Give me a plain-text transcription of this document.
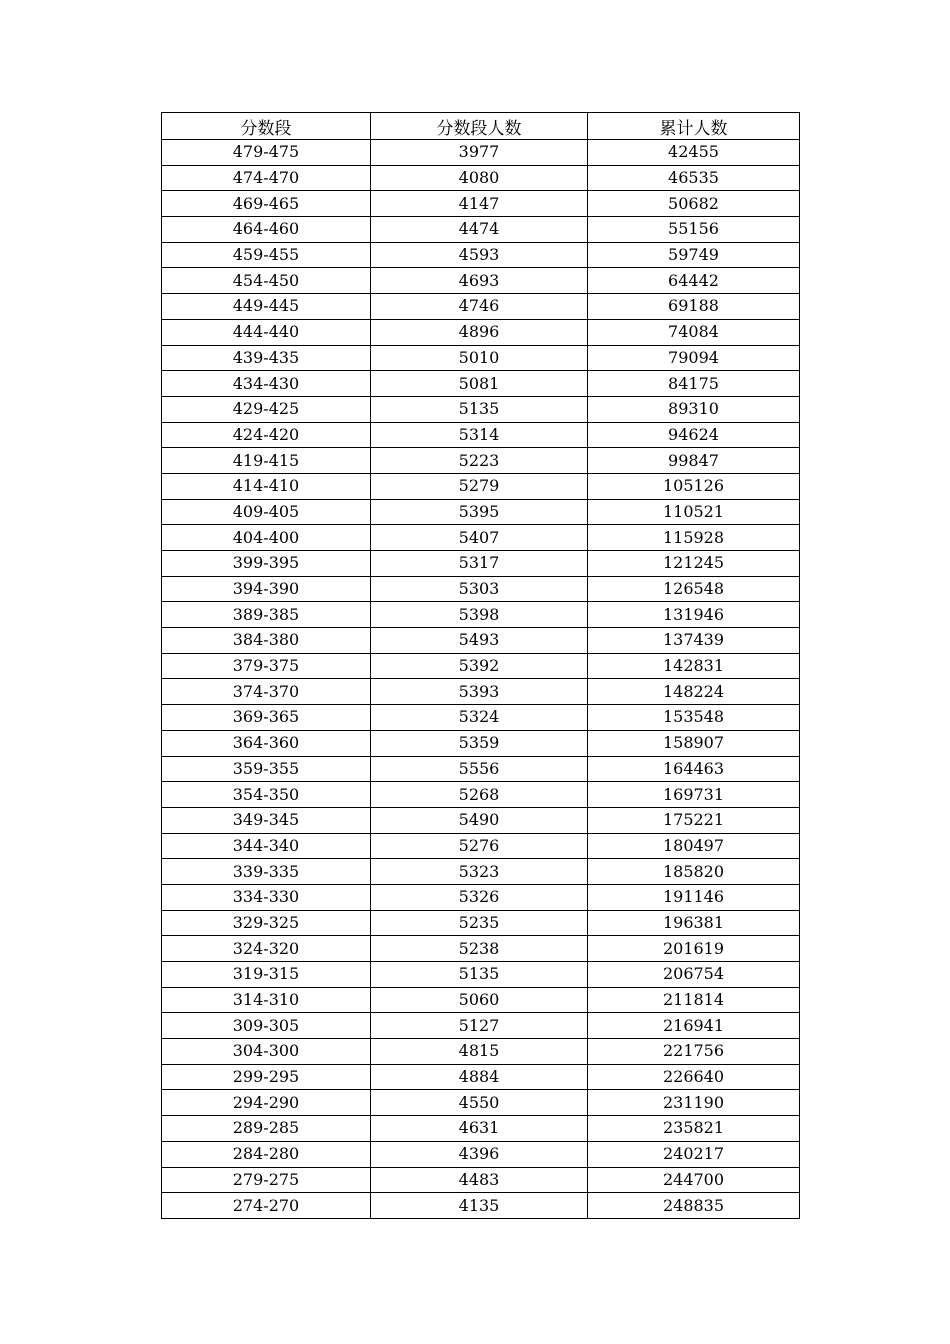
分数段	分数段人数	累计人数
479-475	3977	42455
474-470	4080	46535
469-465	4147	50682
464-460	4474	55156
459-455	4593	59749
454-450	4693	64442
449-445	4746	69188
444-440	4896	74084
439-435	5010	79094
434-430	5081	84175
429-425	5135	89310
424-420	5314	94624
419-415	5223	99847
414-410	5279	105126
409-405	5395	110521
404-400	5407	115928
399-395	5317	121245
394-390	5303	126548
389-385	5398	131946
384-380	5493	137439
379-375	5392	142831
374-370	5393	148224
369-365	5324	153548
364-360	5359	158907
359-355	5556	164463
354-350	5268	169731
349-345	5490	175221
344-340	5276	180497
339-335	5323	185820
334-330	5326	191146
329-325	5235	196381
324-320	5238	201619
319-315	5135	206754
314-310	5060	211814
309-305	5127	216941
304-300	4815	221756
299-295	4884	226640
294-290	4550	231190
289-285	4631	235821
284-280	4396	240217
279-275	4483	244700
274-270	4135	248835
